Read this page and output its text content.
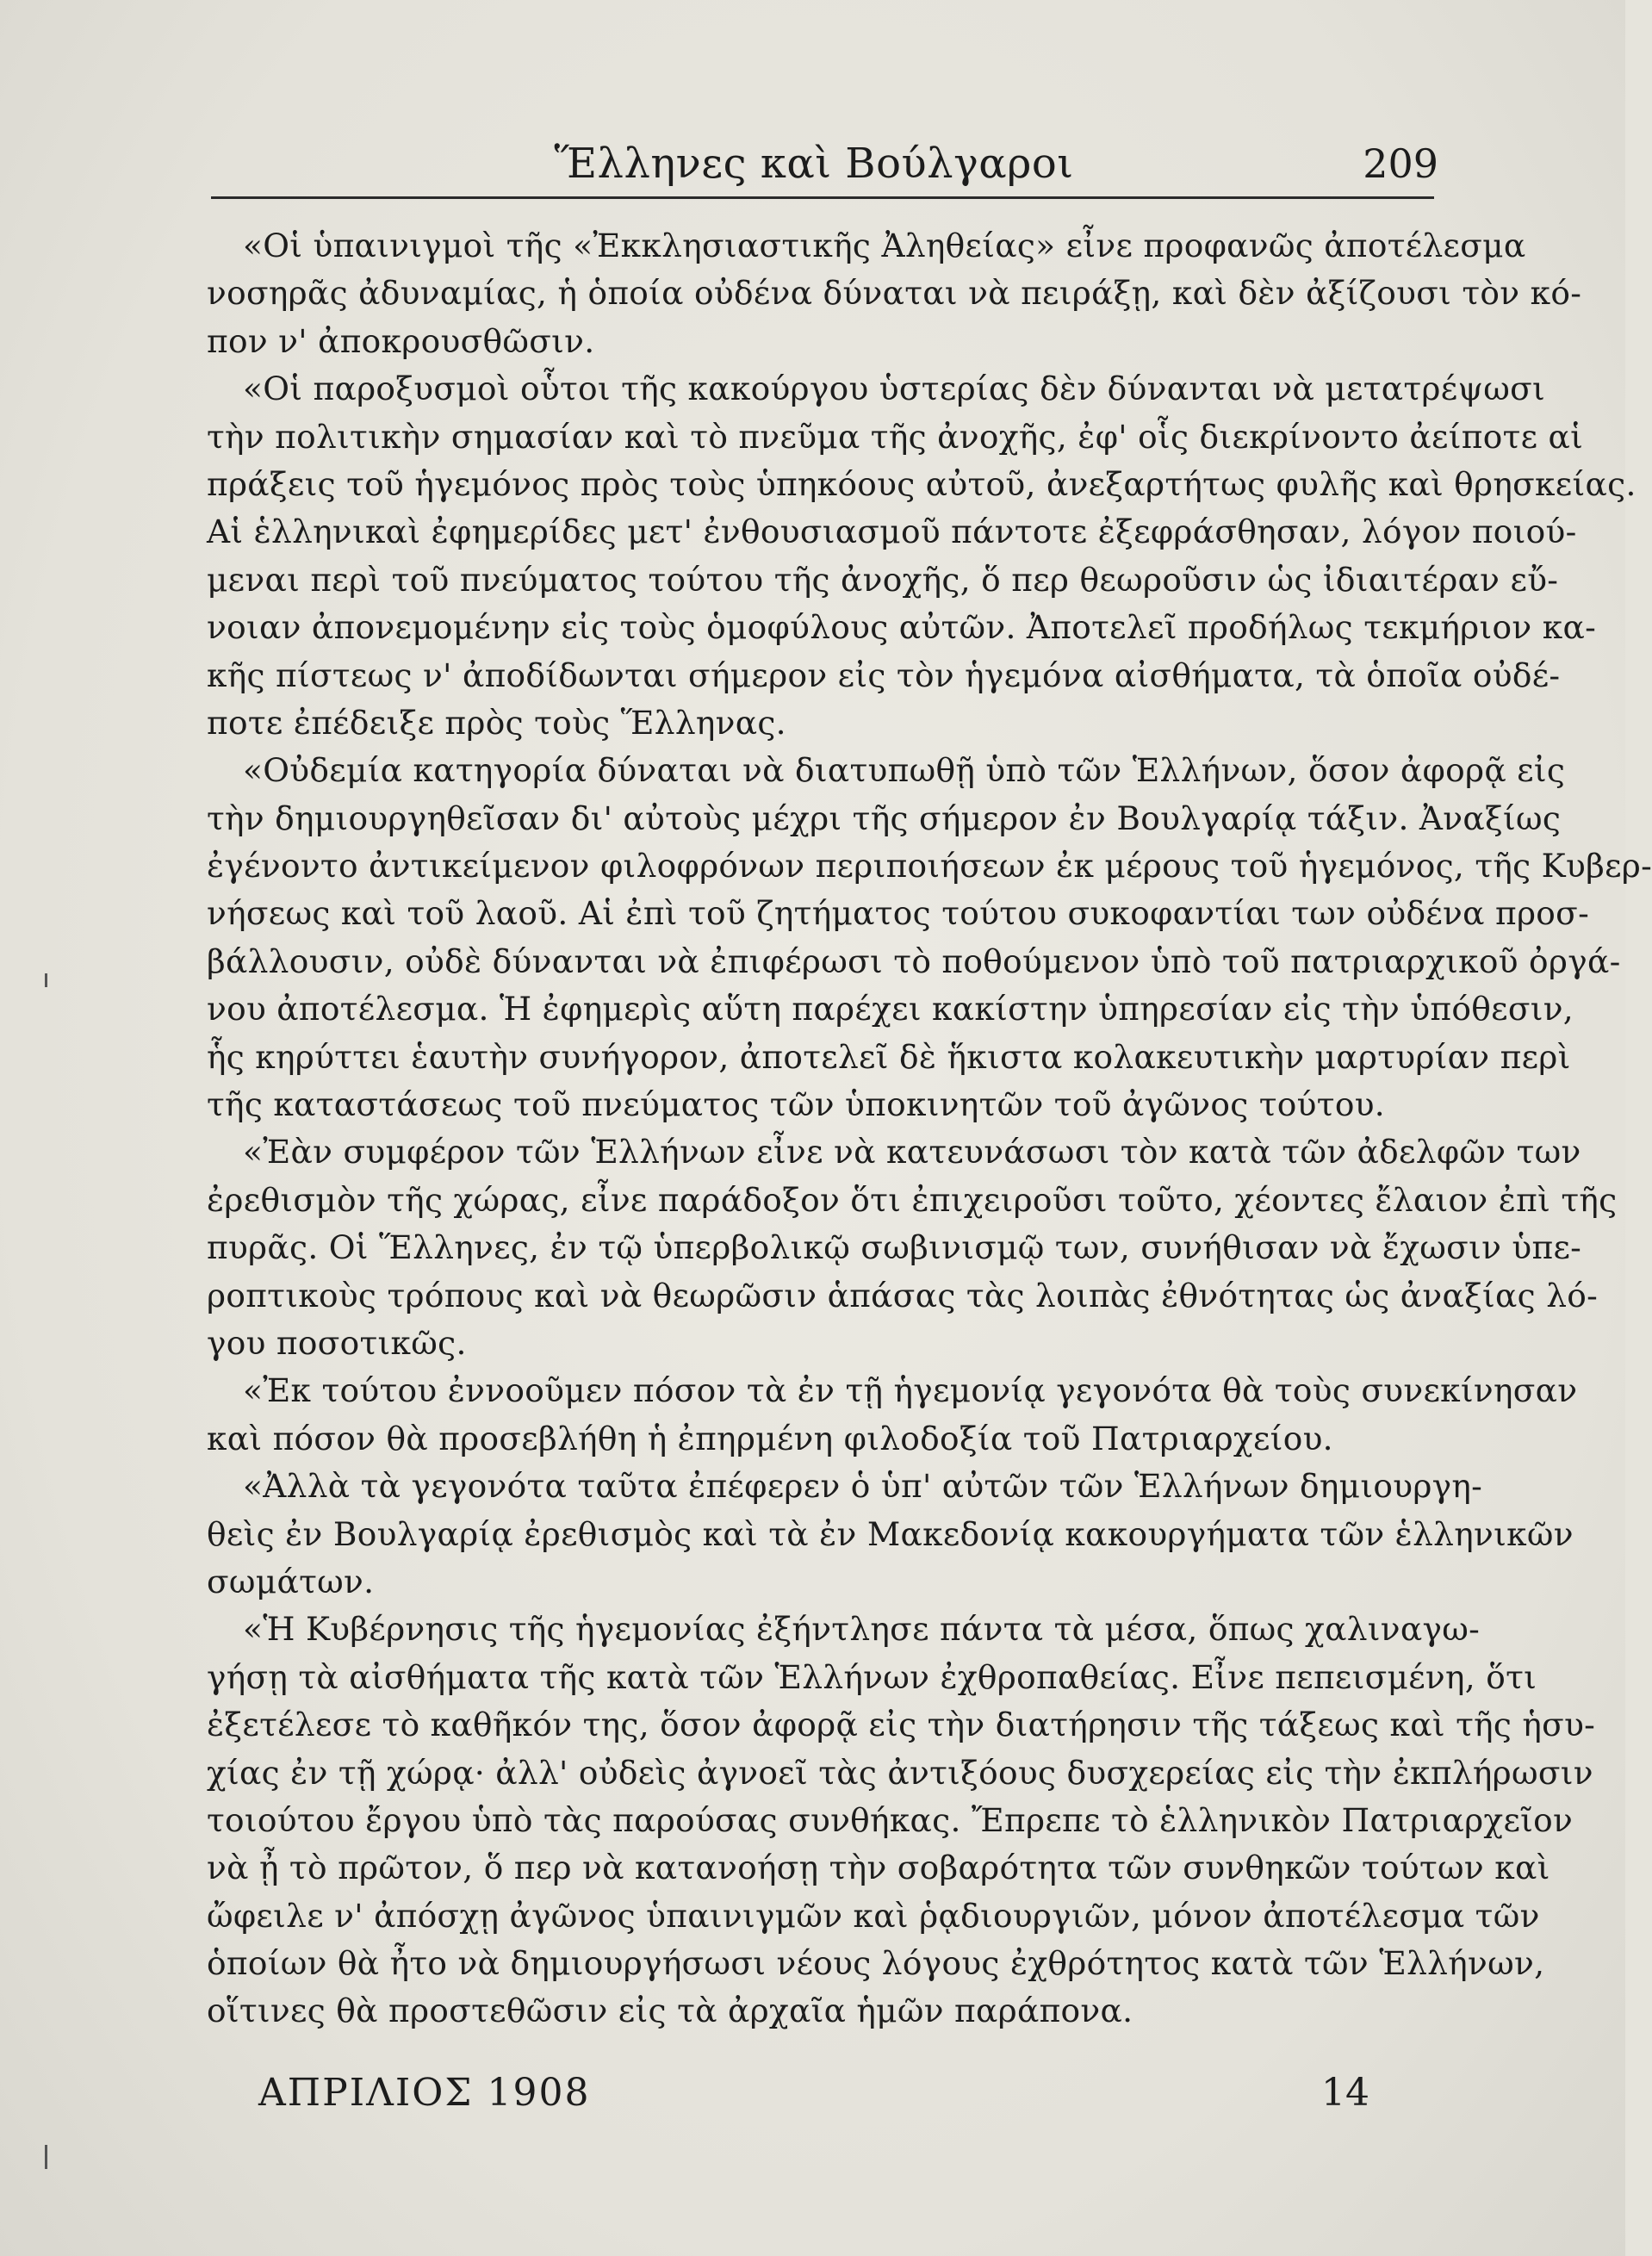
Ἕλληνες καὶ Βούλγαροι	209
«Οἱ ὑπαινιγμοὶ τῆς «Ἐκκλησιαστικῆς Ἀληθείας» εἶνε προφανῶς ἀποτέλεσμα
νοσηρᾶς ἀδυναμίας, ἡ ὁποία οὐδένα δύναται νὰ πειράξῃ, καὶ δὲν ἀξίζουσι τὸν κό-
πον ν' ἀποκρουσθῶσιν.
«Οἱ παροξυσμοὶ οὗτοι τῆς κακούργου ὑστερίας δὲν δύνανται νὰ μετατρέψωσι
τὴν πολιτικὴν σημασίαν καὶ τὸ πνεῦμα τῆς ἀνοχῆς, ἐφ' οἷς διεκρίνοντο ἀείποτε αἱ
πράξεις τοῦ ἡγεμόνος πρὸς τοὺς ὑπηκόους αὐτοῦ, ἀνεξαρτήτως φυλῆς καὶ θρησκείας.
Αἱ ἑλληνικαὶ ἐφημερίδες μετ' ἐνθουσιασμοῦ πάντοτε ἐξεφράσθησαν, λόγον ποιού-
μεναι περὶ τοῦ πνεύματος τούτου τῆς ἀνοχῆς, ὅ περ θεωροῦσιν ὡς ἰδιαιτέραν εὔ-
νοιαν ἀπονεμομένην εἰς τοὺς ὁμοφύλους αὐτῶν. Ἀποτελεῖ προδήλως τεκμήριον κα-
κῆς πίστεως ν' ἀποδίδωνται σήμερον εἰς τὸν ἡγεμόνα αἰσθήματα, τὰ ὁποῖα οὐδέ-
ποτε ἐπέδειξε πρὸς τοὺς Ἕλληνας.
«Οὐδεμία κατηγορία δύναται νὰ διατυπωθῇ ὑπὸ τῶν Ἑλλήνων, ὅσον ἀφορᾷ εἰς
τὴν δημιουργηθεῖσαν δι' αὐτοὺς μέχρι τῆς σήμερον ἐν Βουλγαρίᾳ τάξιν. Ἀναξίως
ἐγένοντο ἀντικείμενον φιλοφρόνων περιποιήσεων ἐκ μέρους τοῦ ἡγεμόνος, τῆς Κυβερ-
νήσεως καὶ τοῦ λαοῦ. Αἱ ἐπὶ τοῦ ζητήματος τούτου συκοφαντίαι των οὐδένα προσ-
βάλλουσιν, οὐδὲ δύνανται νὰ ἐπιφέρωσι τὸ ποθούμενον ὑπὸ τοῦ πατριαρχικοῦ ὀργά-
νου ἀποτέλεσμα. Ἡ ἐφημερὶς αὕτη παρέχει κακίστην ὑπηρεσίαν εἰς τὴν ὑπόθεσιν,
ἧς κηρύττει ἑαυτὴν συνήγορον, ἀποτελεῖ δὲ ἥκιστα κολακευτικὴν μαρτυρίαν περὶ
τῆς καταστάσεως τοῦ πνεύματος τῶν ὑποκινητῶν τοῦ ἀγῶνος τούτου.
«Ἐὰν συμφέρον τῶν Ἑλλήνων εἶνε νὰ κατευνάσωσι τὸν κατὰ τῶν ἀδελφῶν των
ἐρεθισμὸν τῆς χώρας, εἶνε παράδοξον ὅτι ἐπιχειροῦσι τοῦτο, χέοντες ἔλαιον ἐπὶ τῆς
πυρᾶς. Οἱ Ἕλληνες, ἐν τῷ ὑπερβολικῷ σωβινισμῷ των, συνήθισαν νὰ ἔχωσιν ὑπε-
ροπτικοὺς τρόπους καὶ νὰ θεωρῶσιν ἁπάσας τὰς λοιπὰς ἐθνότητας ὡς ἀναξίας λό-
γου ποσοτικῶς.
«Ἐκ τούτου ἐννοοῦμεν πόσον τὰ ἐν τῇ ἡγεμονίᾳ γεγονότα θὰ τοὺς συνεκίνησαν
καὶ πόσον θὰ προσεβλήθη ἡ ἐπηρμένη φιλοδοξία τοῦ Πατριαρχείου.
«Ἀλλὰ τὰ γεγονότα ταῦτα ἐπέφερεν ὁ ὑπ' αὐτῶν τῶν Ἑλλήνων δημιουργη-
θεὶς ἐν Βουλγαρίᾳ ἐρεθισμὸς καὶ τὰ ἐν Μακεδονίᾳ κακουργήματα τῶν ἑλληνικῶν
σωμάτων.
«Ἡ Κυβέρνησις τῆς ἡγεμονίας ἐξήντλησε πάντα τὰ μέσα, ὅπως χαλιναγω-
γήσῃ τὰ αἰσθήματα τῆς κατὰ τῶν Ἑλλήνων ἐχθροπαθείας. Εἶνε πεπεισμένη, ὅτι
ἐξετέλεσε τὸ καθῆκόν της, ὅσον ἀφορᾷ εἰς τὴν διατήρησιν τῆς τάξεως καὶ τῆς ἡσυ-
χίας ἐν τῇ χώρᾳ· ἀλλ' οὐδεὶς ἀγνοεῖ τὰς ἀντιξόους δυσχερείας εἰς τὴν ἐκπλήρωσιν
τοιούτου ἔργου ὑπὸ τὰς παρούσας συνθήκας. Ἔπρεπε τὸ ἑλληνικὸν Πατριαρχεῖον
νὰ ᾖ τὸ πρῶτον, ὅ περ νὰ κατανοήσῃ τὴν σοβαρότητα τῶν συνθηκῶν τούτων καὶ
ὤφειλε ν' ἀπόσχῃ ἀγῶνος ὑπαινιγμῶν καὶ ῥᾳδιουργιῶν, μόνον ἀποτέλεσμα τῶν
ὁποίων θὰ ἦτο νὰ δημιουργήσωσι νέους λόγους ἐχθρότητος κατὰ τῶν Ἑλλήνων,
οἵτινες θὰ προστεθῶσιν εἰς τὰ ἀρχαῖα ἡμῶν παράπονα.
ΑΠΡΙΛΙΟΣ 1908	14
